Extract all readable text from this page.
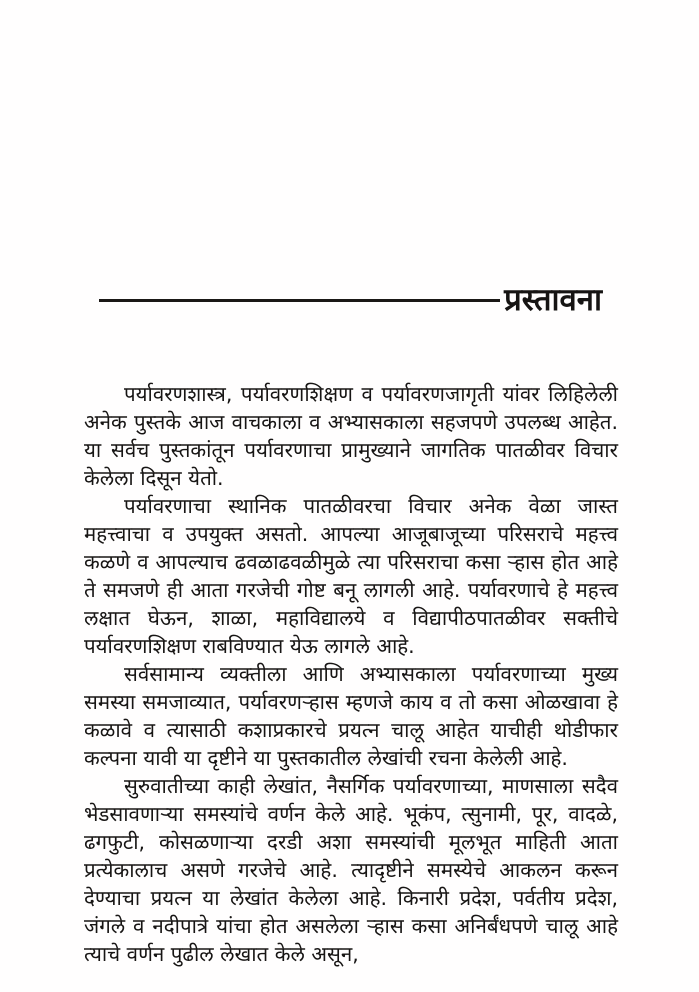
प्रस्तावना

पर्यावरणशास्त्र, पर्यावरणशिक्षण व पर्यावरणजागृती यांवर लिहिलेली अनेक पुस्तके आज वाचकाला व अभ्यासकाला सहजपणे उपलब्ध आहेत. या सर्वच पुस्तकांतून पर्यावरणाचा प्रामुख्याने जागतिक पातळीवर विचार केलेला दिसून येतो.

पर्यावरणाचा स्थानिक पातळीवरचा विचार अनेक वेळा जास्त महत्त्वाचा व उपयुक्त असतो. आपल्या आजूबाजूच्या परिसराचे महत्त्व कळणे व आपल्याच ढवळाढवळीमुळे त्या परिसराचा कसा ऱ्हास होत आहे ते समजणे ही आता गरजेची गोष्ट बनू लागली आहे. पर्यावरणाचे हे महत्त्व लक्षात घेऊन, शाळा, महाविद्यालये व विद्यापीठपातळीवर सक्तीचे पर्यावरणशिक्षण राबविण्यात येऊ लागले आहे.

सर्वसामान्य व्यक्तीला आणि अभ्यासकाला पर्यावरणाच्या मुख्य समस्या समजाव्यात, पर्यावरणऱ्हास म्हणजे काय व तो कसा ओळखावा हे कळावे व त्यासाठी कशाप्रकारचे प्रयत्न चालू आहेत याचीही थोडीफार कल्पना यावी या दृष्टीने या पुस्तकातील लेखांची रचना केलेली आहे.

सुरुवातीच्या काही लेखांत, नैसर्गिक पर्यावरणाच्या, माणसाला सदैव भेडसावणाऱ्या समस्यांचे वर्णन केले आहे. भूकंप, त्सुनामी, पूर, वादळे, ढगफुटी, कोसळणाऱ्या दरडी अशा समस्यांची मूलभूत माहिती आता प्रत्येकालाच असणे गरजेचे आहे. त्यादृष्टीने समस्येचे आकलन करून देण्याचा प्रयत्न या लेखांत केलेला आहे. किनारी प्रदेश, पर्वतीय प्रदेश, जंगले व नदीपात्रे यांचा होत असलेला ऱ्हास कसा अनिर्बंधपणे चालू आहे त्याचे वर्णन पुढील लेखात केले असून,
